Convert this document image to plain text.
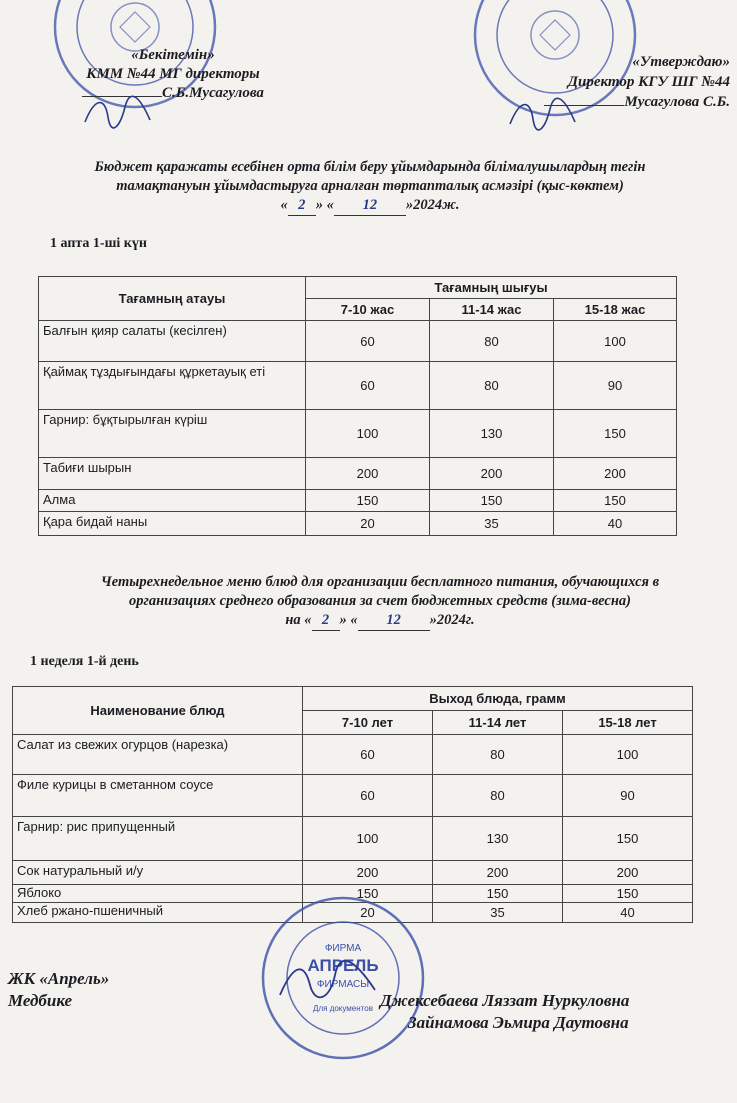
«Бекітемін»
КММ №44 МГ директоры
С.Б.Мусагулова
«Утверждаю»
Директор КГУ ШГ №44
Мусагулова С.Б.
Бюджет қаражаты есебінен орта білім беру ұйымдарында білімалушылардың тегін
тамақтануын ұйымдастыруға арналған төртапталық асмәзірі (қыс-көктем)
« 2 » « 12 »2024ж.
1 апта 1-ші күн
Тағамның атауы	Тағамның шығуы		
	7-10 жас	11-14 жас	15-18 жас
Балғын қияр салаты (кесілген)	60	80	100
Қаймақ тұздығындағы құркетауық еті	60	80	90
Гарнир: бұқтырылған күріш	100	130	150
Табиғи шырын	200	200	200
Алма	150	150	150
Қара бидай наны	20	35	40
Четырехнедельное меню блюд для организации бесплатного питания, обучающихся в
организациях среднего образования за счет бюджетных средств (зима-весна)
на « 2 » « 12 »2024г.
1 неделя 1-й день
Наименование блюд	Выход блюда, грамм		
	7-10 лет	11-14 лет	15-18 лет
Салат из свежих огурцов (нарезка)	60	80	100
Филе курицы в сметанном соусе	60	80	90
Гарнир: рис припущенный	100	130	150
Сок натуральный и/у	200	200	200
Яблоко	150	150	150
Хлеб ржано-пшеничный	20	35	40
ФИРМА
АПРЕЛЬ
ФИРМАСЫ
Для документов
ЖК «Апрель»
Медбике	Джексебаева Ляззат Нуркуловна
Зайнамова Эьмира Даутовна
